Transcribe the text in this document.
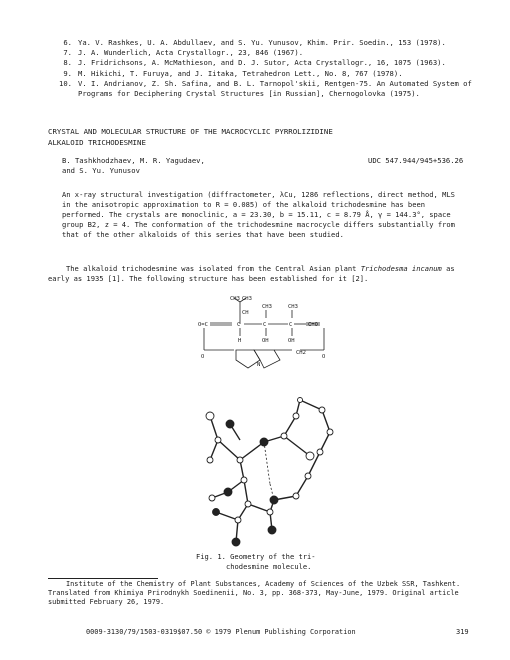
6. Ya. V. Rashkes, U. A. Abdullaev, and S. Yu. Yunusov, Khim. Prir. Soedin., 153 (1978).
7. J. A. Wunderlich, Acta Crystallogr., 23, 846 (1967).
8. J. Fridrichsons, A. McMathieson, and D. J. Sutor, Acta Crystallogr., 16, 1075 (1963).
9. M. Hikichi, T. Furuya, and J. Iitaka, Tetrahedron Lett., No. 8, 767 (1978).
10. V. I. Andrianov, Z. Sh. Safina, and B. L. Tarnopol'skii, Rentgen-75. An Automated System of Programs for Deciphering Crystal Structures [in Russian], Chernogolovka (1975).
CRYSTAL AND MOLECULAR STRUCTURE OF THE MACROCYCLIC PYRROLIZIDINE
ALKALOID TRICHODESMINE
B. Tashkhodzhaev, M. R. Yagudaev,
and S. Yu. Yunusov
UDC 547.944/945+536.26
An x-ray structural investigation (diffractometer, λCu, 1286 reflections, direct method, MLS in the anisotropic approximation to R = 0.085) of the alkaloid trichodesmine has been performed. The crystals are monoclinic, a = 23.30, b = 15.11, c = 8.79 Å, γ = 144.3°, space group B2, z = 4. The conformation of the trichodesmine macrocycle differs substantially from that of the other alkaloids of this series that have been studied.
The alkaloid trichodesmine was isolated from the Central Asian plant Trichodesma incanum as early as 1935 [1]. The following structure has been established for it [2].
CH3 CH3
CH
CH3	CH3
O=C	C	C	C	C=O
H	OH	OH
O	O
N
CH2
Fig. 1. Geometry of the tri-
chodesmine molecule.
Institute of the Chemistry of Plant Substances, Academy of Sciences of the Uzbek SSR, Tashkent. Translated from Khimiya Prirodnykh Soedinenii, No. 3, pp. 368-373, May-June, 1979. Original article submitted February 26, 1979.
0009-3130/79/1503-0319$07.50 © 1979 Plenum Publishing Corporation	319
